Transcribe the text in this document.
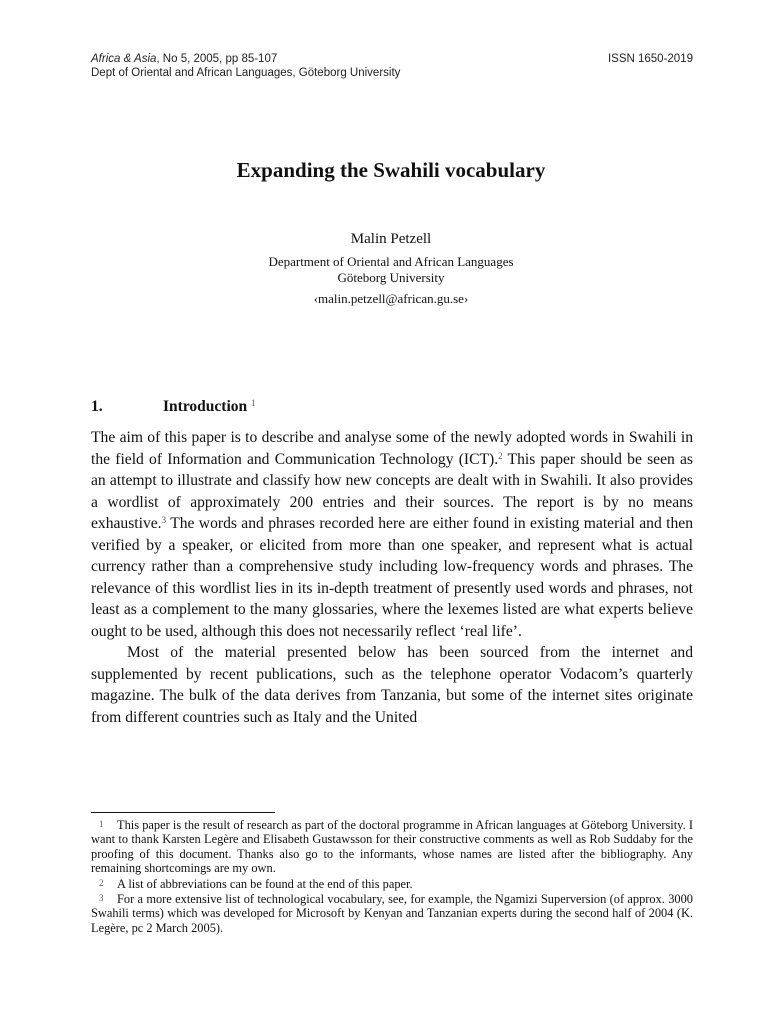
Africa & Asia, No 5, 2005, pp 85-107	ISSN 1650-2019
Dept of Oriental and African Languages, Göteborg University
Expanding the Swahili vocabulary
Malin Petzell
Department of Oriental and African Languages
Göteborg University
‹malin.petzell@african.gu.se›
1.	Introduction $^1$

The aim of this paper is to describe and analyse some of the newly adopted words in Swahili in the field of Information and Communication Technology (ICT).$^2$ This paper should be seen as an attempt to illustrate and classify how new concepts are dealt with in Swahili. It also provides a wordlist of approximately 200 entries and their sources. The report is by no means exhaustive.$^3$ The words and phrases recorded here are either found in existing material and then verified by a speaker, or elicited from more than one speaker, and represent what is actual currency rather than a comprehensive study including low-frequency words and phrases. The relevance of this wordlist lies in its in-depth treatment of presently used words and phrases, not least as a complement to the many glossaries, where the lexemes listed are what experts believe ought to be used, although this does not necessarily reflect ‘real life’.

Most of the material presented below has been sourced from the internet and supplemented by recent publications, such as the telephone operator Vodacom’s quarterly magazine. The bulk of the data derives from Tanzania, but some of the internet sites originate from different countries such as Italy and the United

1 This paper is the result of research as part of the doctoral programme in African languages at Göteborg University. I want to thank Karsten Legère and Elisabeth Gustawsson for their constructive comments as well as Rob Suddaby for the proofing of this document. Thanks also go to the informants, whose names are listed after the bibliography. Any remaining shortcomings are my own.

2 A list of abbreviations can be found at the end of this paper.

3 For a more extensive list of technological vocabulary, see, for example, the Ngamizi Superversion (of approx. 3000 Swahili terms) which was developed for Microsoft by Kenyan and Tanzanian experts during the second half of 2004 (K. Legère, pc 2 March 2005).
